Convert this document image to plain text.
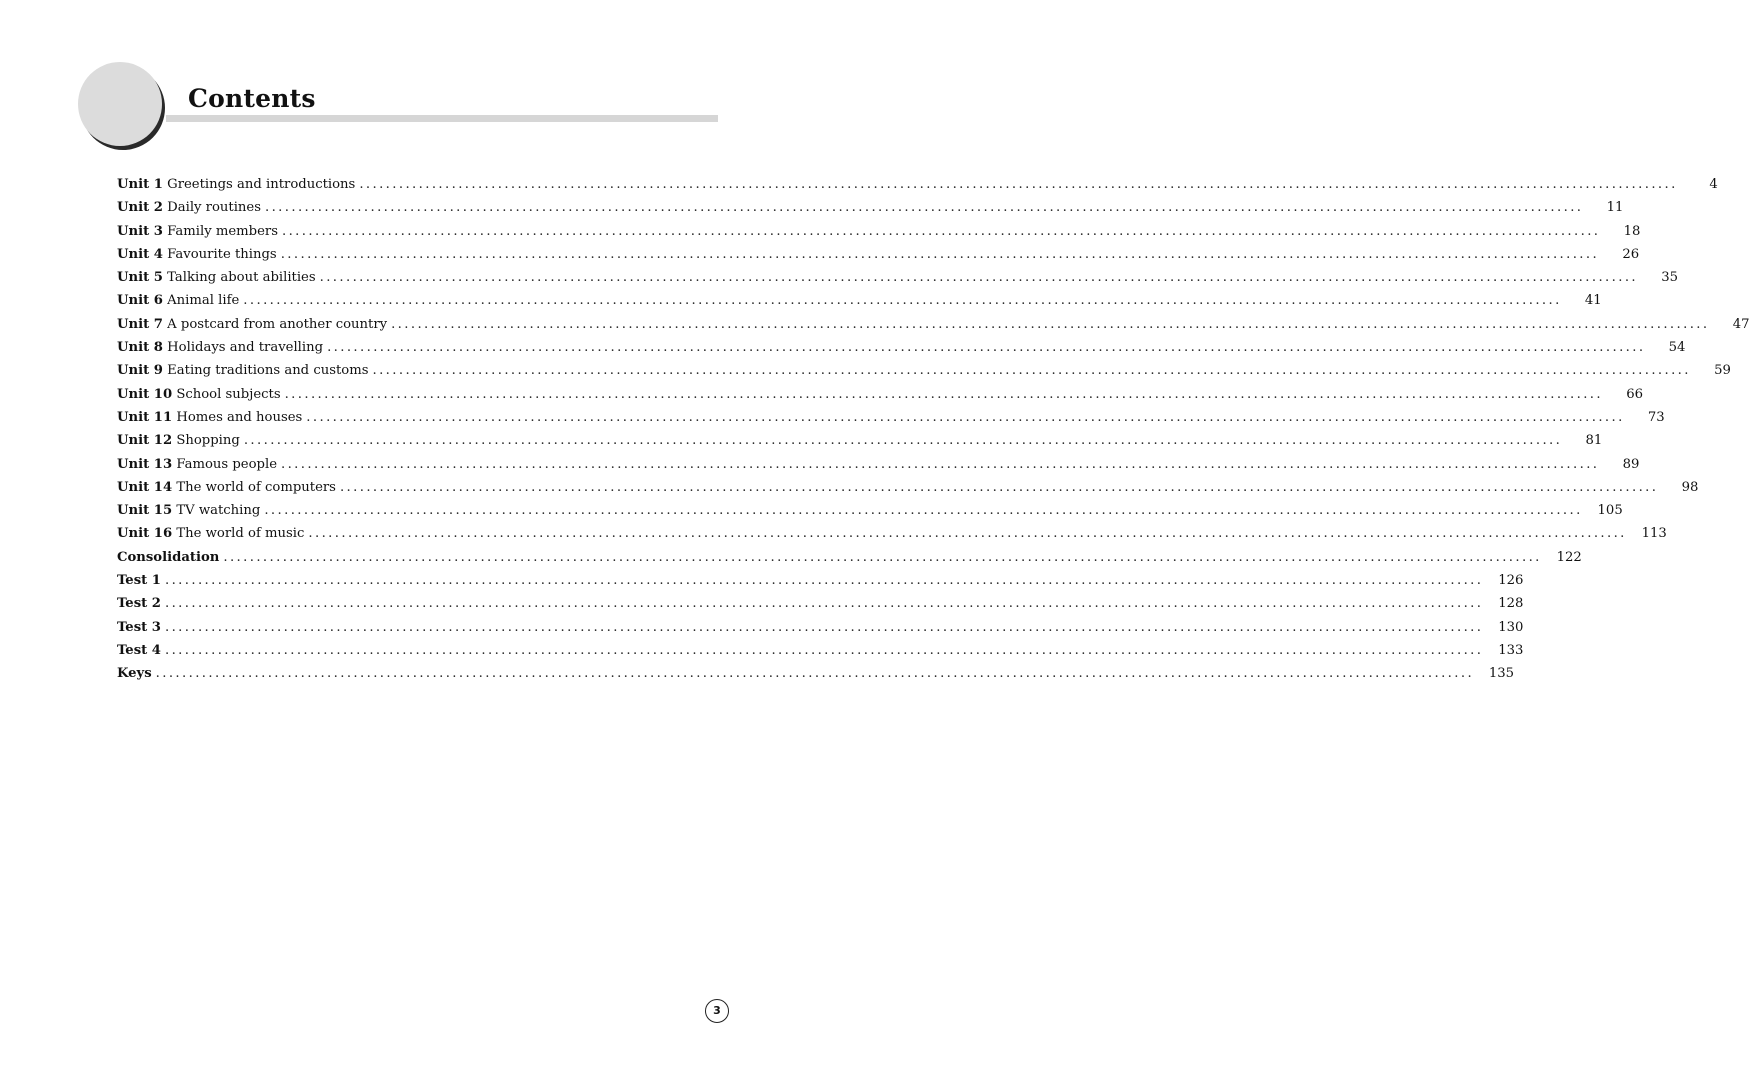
Contents
Unit 1 Greetings and introductions ........................................................................................................................................................................................................	4
Unit 2 Daily routines ........................................................................................................................................................................................................	11
Unit 3 Family members ........................................................................................................................................................................................................	18
Unit 4 Favourite things ........................................................................................................................................................................................................	26
Unit 5 Talking about abilities ........................................................................................................................................................................................................	35
Unit 6 Animal life ........................................................................................................................................................................................................	41
Unit 7 A postcard from another country ........................................................................................................................................................................................................	47
Unit 8 Holidays and travelling ........................................................................................................................................................................................................	54
Unit 9 Eating traditions and customs ........................................................................................................................................................................................................	59
Unit 10 School subjects ........................................................................................................................................................................................................	66
Unit 11 Homes and houses ........................................................................................................................................................................................................	73
Unit 12 Shopping ........................................................................................................................................................................................................	81
Unit 13 Famous people ........................................................................................................................................................................................................	89
Unit 14 The world of computers ........................................................................................................................................................................................................	98
Unit 15 TV watching ........................................................................................................................................................................................................	105
Unit 16 The world of music ........................................................................................................................................................................................................	113
Consolidation ........................................................................................................................................................................................................	122
Test 1 ........................................................................................................................................................................................................	126
Test 2 ........................................................................................................................................................................................................	128
Test 3 ........................................................................................................................................................................................................	130
Test 4 ........................................................................................................................................................................................................	133
Keys ........................................................................................................................................................................................................	135
3
